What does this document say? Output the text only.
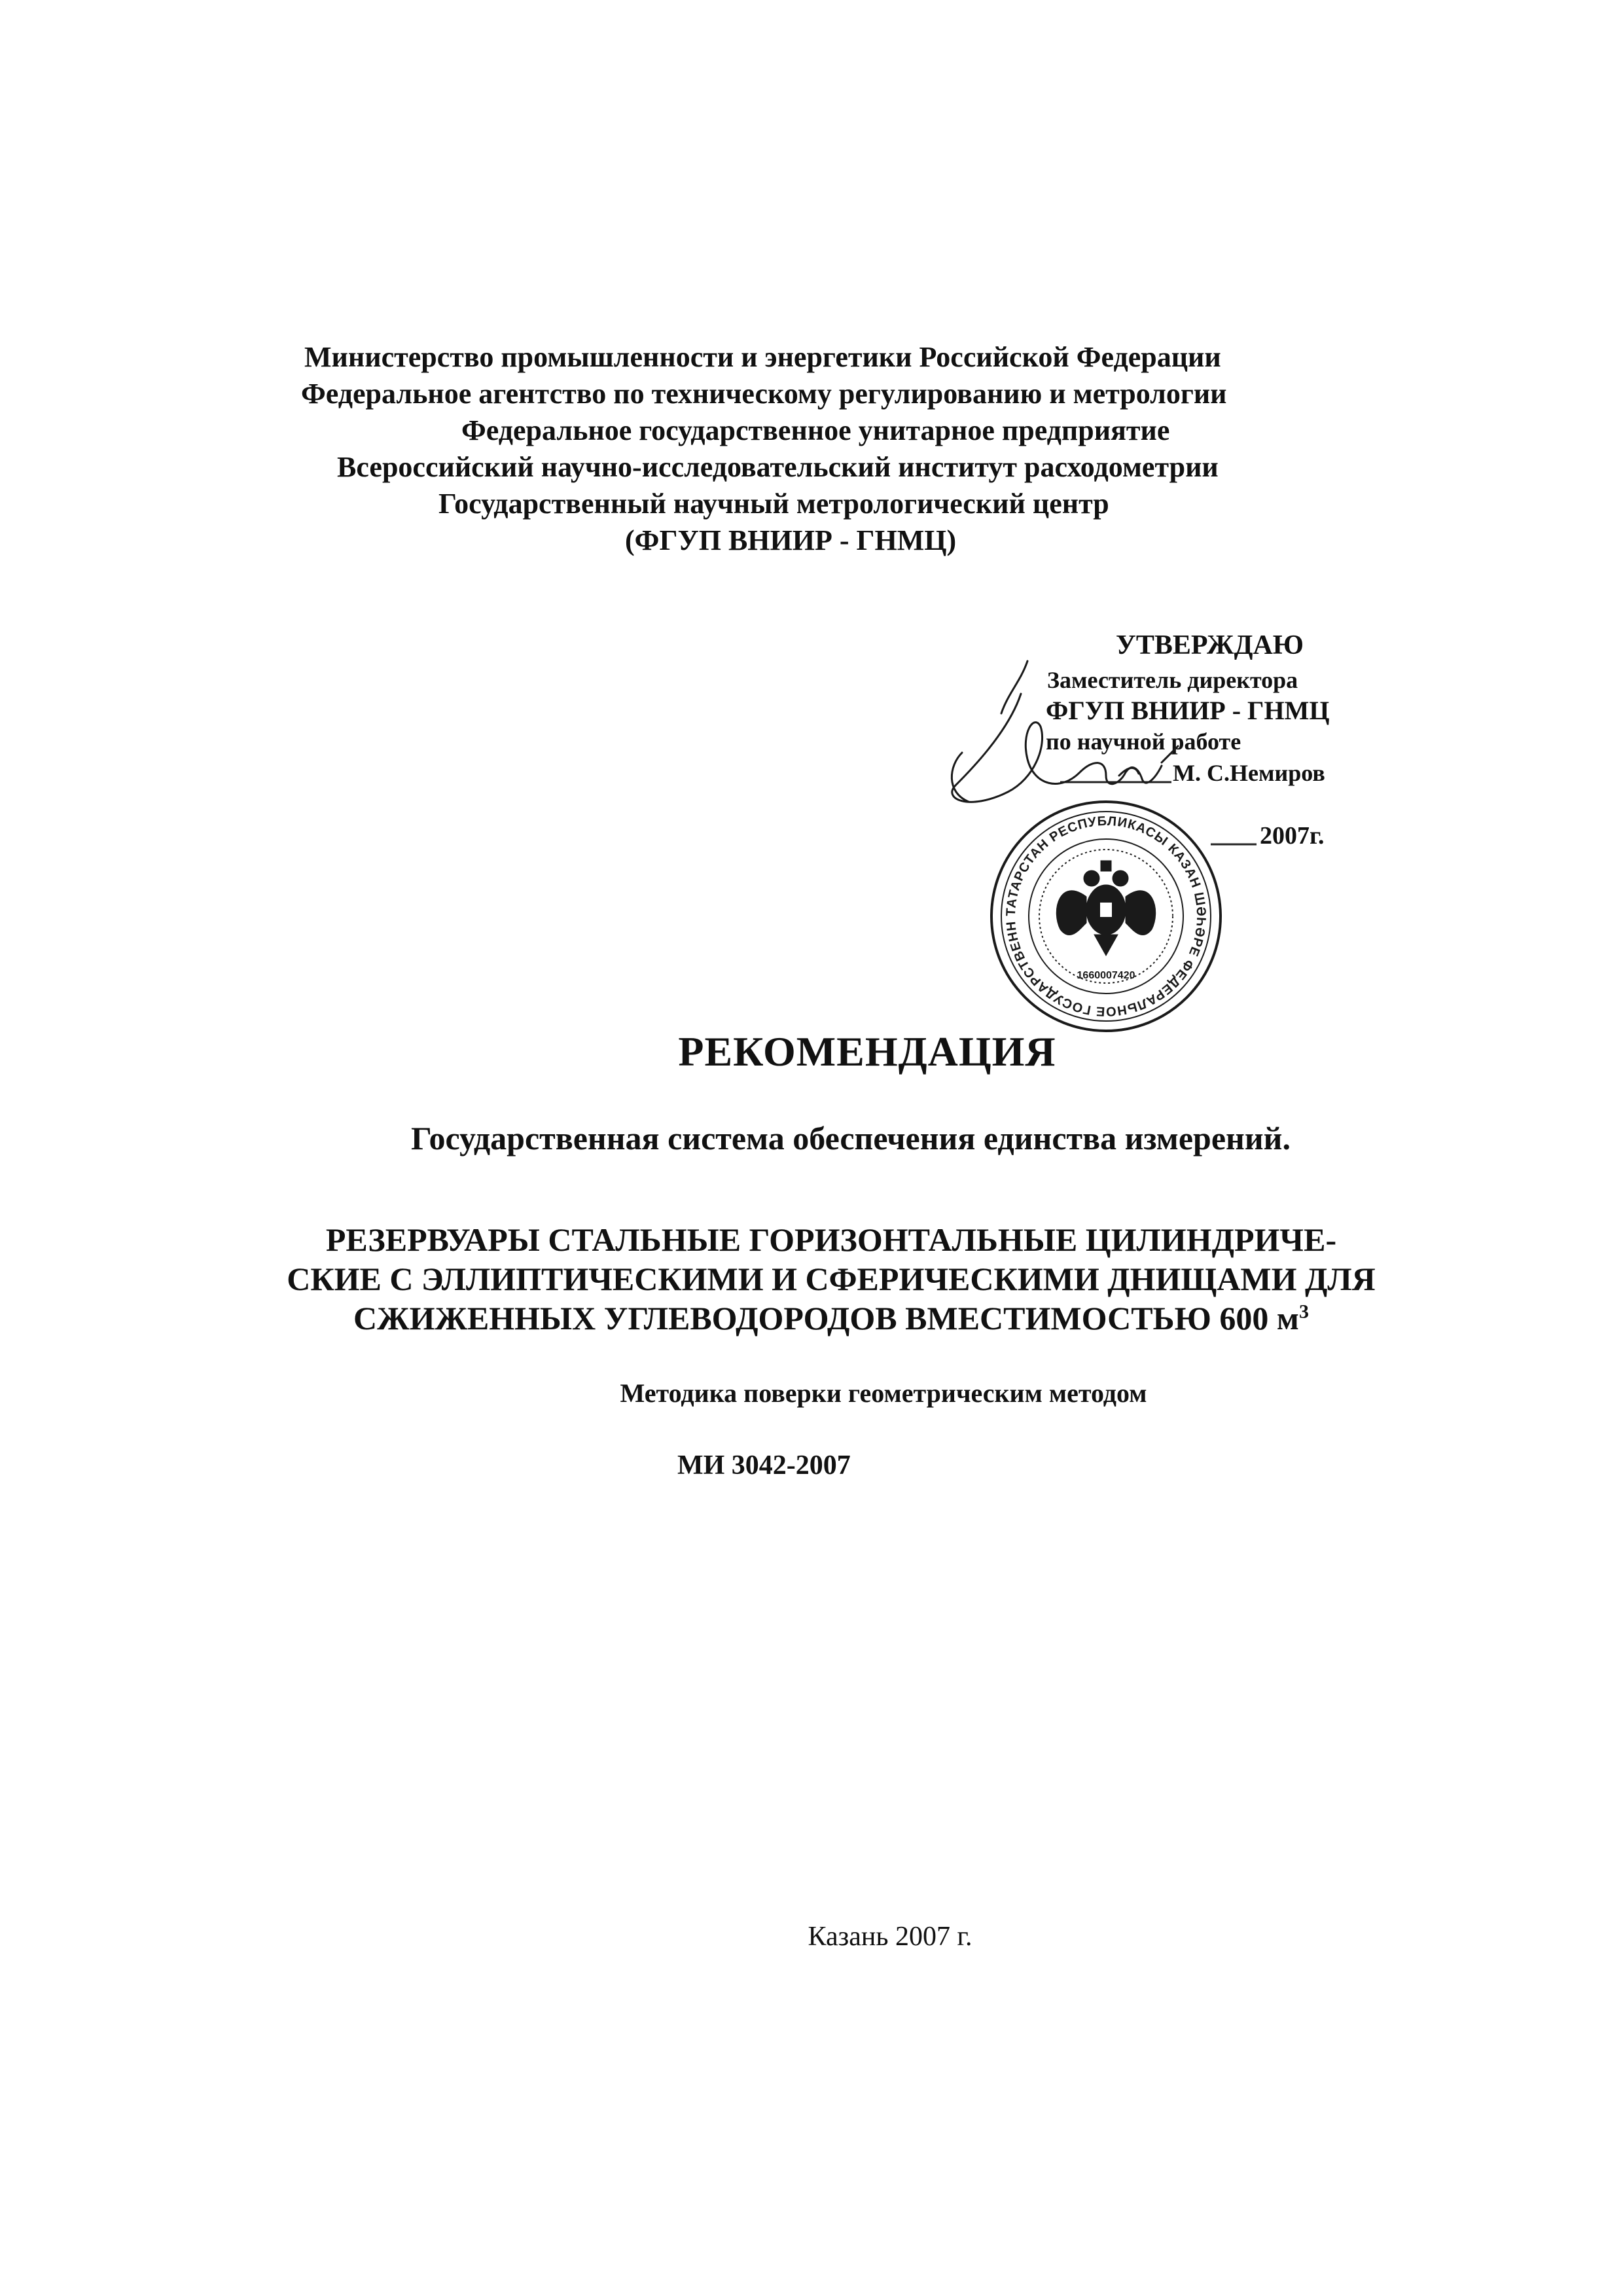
Министерство промышленности и энергетики Российской Федерации
Федеральное агентство по техническому регулированию и метрологии
Федеральное государственное унитарное предприятие
Всероссийский научно-исследовательский институт расходометрии
Государственный научный метрологический центр
(ФГУП ВНИИР - ГНМЦ)
УТВЕРЖДАЮ
Заместитель директора
ФГУП ВНИИР - ГНМЦ
по научной работе
М. С.Немиров
2007г.
ТАТАРСТАН РЕСПУБЛИКАСЫ КАЗАН ШӘҺӘРЕ ФЕДЕРАЛЬНОЕ ГОСУДАРСТВЕНН
1660007420
РЕКОМЕНДАЦИЯ
Государственная система обеспечения единства измерений.
РЕЗЕРВУАРЫ СТАЛЬНЫЕ ГОРИЗОНТАЛЬНЫЕ ЦИЛИНДРИЧЕ-
СКИЕ С ЭЛЛИПТИЧЕСКИМИ И СФЕРИЧЕСКИМИ ДНИЩАМИ ДЛЯ
СЖИЖЕННЫХ УГЛЕВОДОРОДОВ ВМЕСТИМОСТЬЮ 600 $м^3$
Методика поверки геометрическим методом
МИ 3042-2007
Казань 2007 г.
